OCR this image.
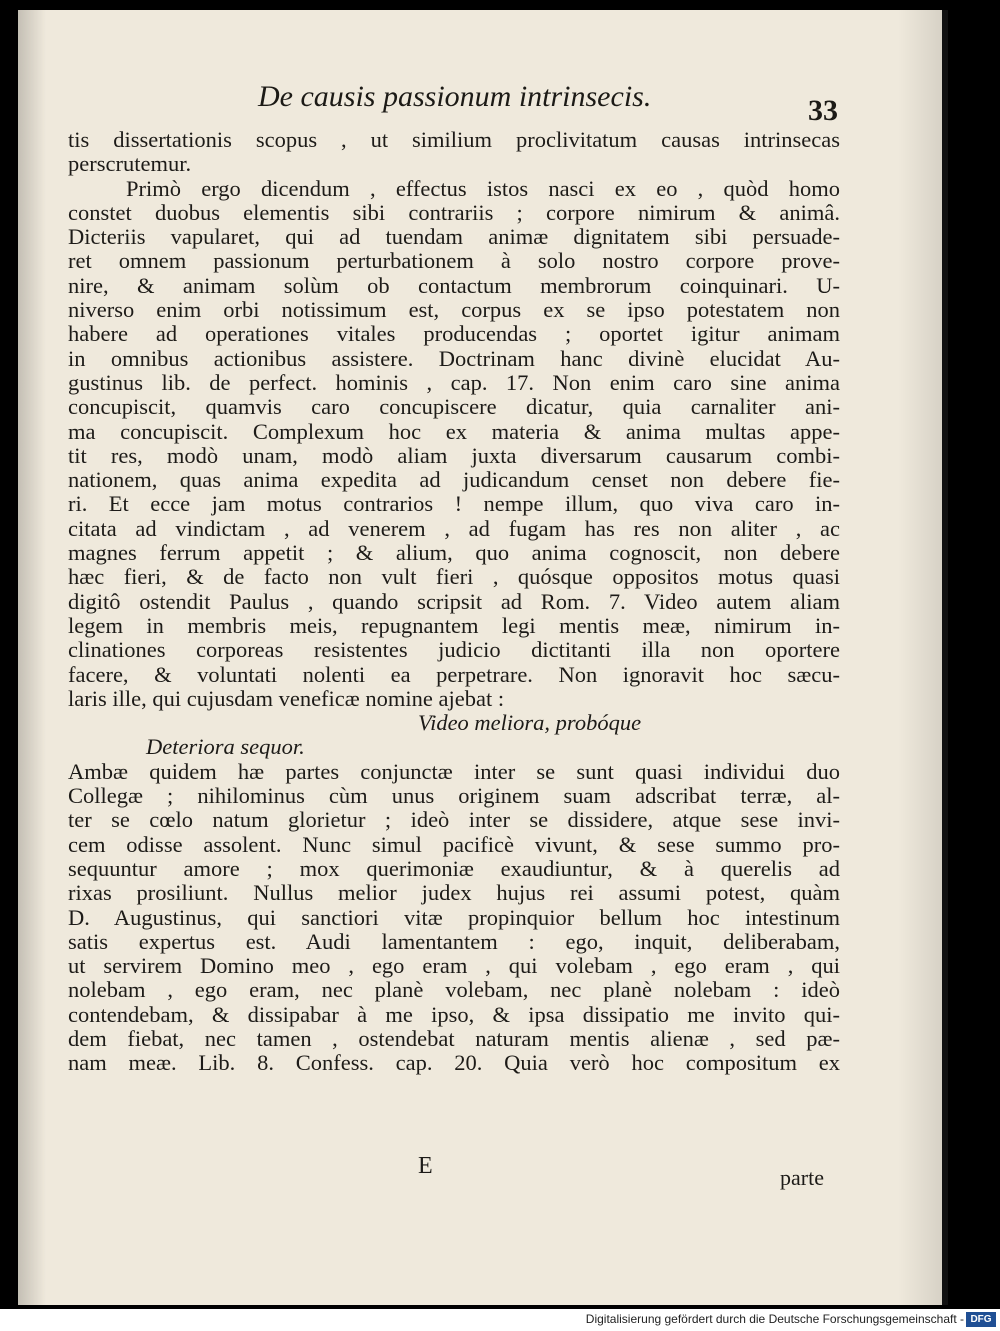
De causis passionum intrinsecis.	33
tis dissertationis scopus , ut similium proclivitatum causas intrinsecas
perscrutemur.
Primò ergo dicendum , effectus istos nasci ex eo , quòd homo
constet duobus elementis sibi contrariis ; corpore nimirum & animâ.
Dicteriis vapularet, qui ad tuendam animæ dignitatem sibi persuade-
ret omnem passionum perturbationem à solo nostro corpore prove-
nire, & animam solùm ob contactum membrorum coinquinari. U-
niverso enim orbi notissimum est, corpus ex se ipso potestatem non
habere ad operationes vitales producendas ; oportet igitur animam
in omnibus actionibus assistere. Doctrinam hanc divinè elucidat Au-
gustinus lib. de perfect. hominis , cap. 17. Non enim caro sine anima
concupiscit, quamvis caro concupiscere dicatur, quia carnaliter ani-
ma concupiscit. Complexum hoc ex materia & anima multas appe-
tit res, modò unam, modò aliam juxta diversarum causarum combi-
nationem, quas anima expedita ad judicandum censet non debere fie-
ri. Et ecce jam motus contrarios ! nempe illum, quo viva caro in-
citata ad vindictam , ad venerem , ad fugam has res non aliter , ac
magnes ferrum appetit ; & alium, quo anima cognoscit, non debere
hæc fieri, & de facto non vult fieri , quósque oppositos motus quasi
digitô ostendit Paulus , quando scripsit ad Rom. 7. Video autem aliam
legem in membris meis, repugnantem legi mentis meæ, nimirum in-
clinationes corporeas resistentes judicio dictitanti illa non oportere
facere, & voluntati nolenti ea perpetrare. Non ignoravit hoc sæcu-
laris ille, qui cujusdam veneficæ nomine ajebat :
Video meliora, probóque
Deteriora sequor.
Ambæ quidem hæ partes conjunctæ inter se sunt quasi individui duo
Collegæ ; nihilominus cùm unus originem suam adscribat terræ, al-
ter se cœlo natum glorietur ; ideò inter se dissidere, atque sese invi-
cem odisse assolent. Nunc simul pacificè vivunt, & sese summo pro-
sequuntur amore ; mox querimoniæ exaudiuntur, & à querelis ad
rixas prosiliunt. Nullus melior judex hujus rei assumi potest, quàm
D. Augustinus, qui sanctiori vitæ propinquior bellum hoc intestinum
satis expertus est. Audi lamentantem : ego, inquit, deliberabam,
ut servirem Domino meo , ego eram , qui volebam , ego eram , qui
nolebam , ego eram, nec planè volebam, nec planè nolebam : ideò
contendebam, & dissipabar à me ipso, & ipsa dissipatio me invito qui-
dem fiebat, nec tamen , ostendebat naturam mentis alienæ , sed pæ-
nam meæ. Lib. 8. Confess. cap. 20. Quia verò hoc compositum ex
E	parte
Digitalisierung gefördert durch die Deutsche Forschungsgemeinschaft - DFG
